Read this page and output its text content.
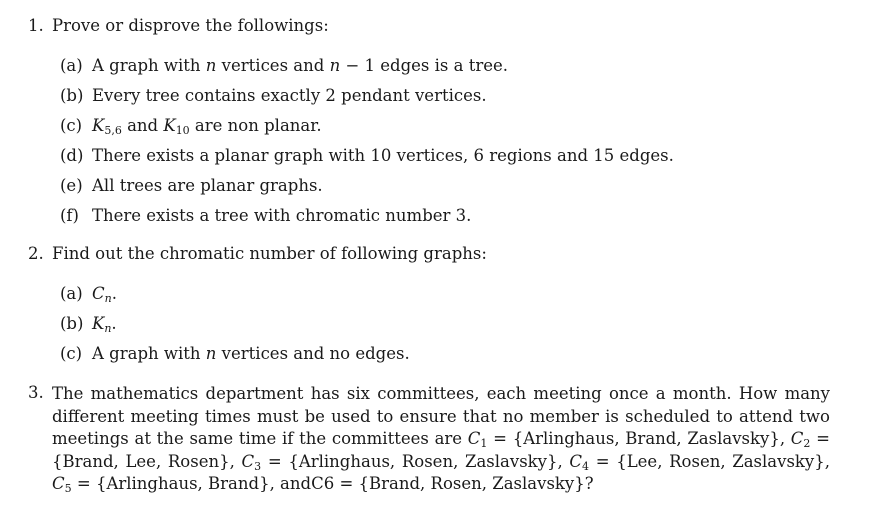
1. Prove or disprove the followings:
(a) A graph with n vertices and n − 1 edges is a tree.
(b) Every tree contains exactly 2 pendant vertices.
(c) $K_{5,6}$ and $K_{10}$ are non planar.
(d) There exists a planar graph with 10 vertices, 6 regions and 15 edges.
(e) All trees are planar graphs.
(f) There exists a tree with chromatic number 3.
2. Find out the chromatic number of following graphs:
(a) $C_n$.
(b) $K_n$.
(c) A graph with n vertices and no edges.
3. The mathematics department has six committees, each meeting once a month. How many different meeting times must be used to ensure that no member is scheduled to attend two meetings at the same time if the committees are $C_1$ = {Arlinghaus, Brand, Zaslavsky}, $C_2$ = {Brand, Lee, Rosen}, $C_3$ = {Arlinghaus, Rosen, Zaslavsky}, $C_4 = \{Lee$, Rosen, Zaslavsky}, $C_5$ = {Arlinghaus, Brand}, andC6 = {Brand, Rosen, Zaslavsky}?
